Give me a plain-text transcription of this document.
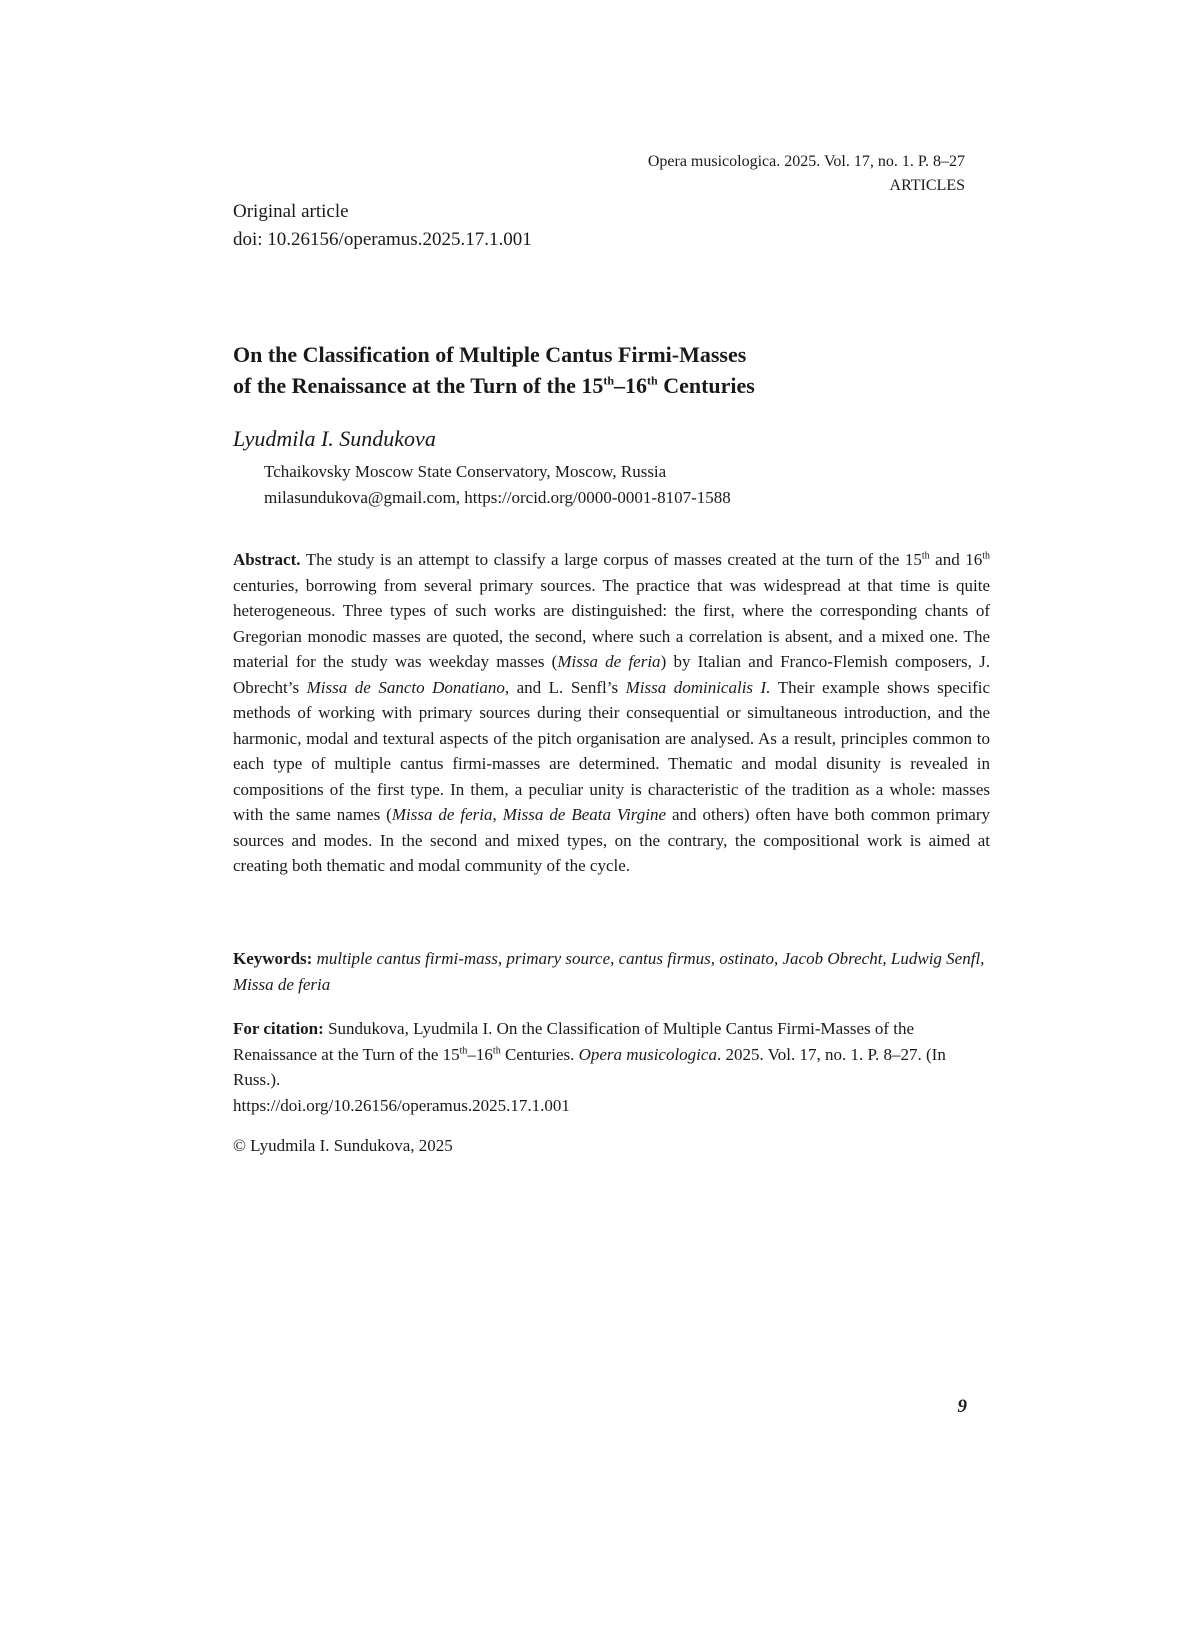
Opera musicologica. 2025. Vol. 17, no. 1. P. 8–27
ARTICLES
Original article
doi: 10.26156/operamus.2025.17.1.001
On the Classification of Multiple Cantus Firmi-Masses
of the Renaissance at the Turn of the 15th–16th Centuries
Lyudmila I. Sundukova
Tchaikovsky Moscow State Conservatory, Moscow, Russia
milasundukova@gmail.com, https://orcid.org/0000-0001-8107-1588

Abstract. The study is an attempt to classify a large corpus of masses created at the turn of the 15th and 16th centuries, borrowing from several primary sources. The practice that was widespread at that time is quite heterogeneous. Three types of such works are distinguished: the first, where the corresponding chants of Gregorian monodic masses are quoted, the second, where such a correlation is absent, and a mixed one. The material for the study was weekday masses (Missa de feria) by Italian and Franco-Flemish composers, J. Obrecht’s Missa de Sancto Donatiano, and L. Senfl’s Missa dominicalis I. Their example shows specific methods of working with primary sources during their consequential or simultaneous introduction, and the harmonic, modal and textural aspects of the pitch organisation are analysed. As a result, principles common to each type of multiple cantus firmi-masses are determined. Thematic and modal disunity is revealed in compositions of the first type. In them, a peculiar unity is characteristic of the tradition as a whole: masses with the same names (Missa de feria, Missa de Beata Virgine and others) often have both common primary sources and modes. In the second and mixed types, on the contrary, the compositional work is aimed at creating both thematic and modal community of the cycle.

Keywords: multiple cantus firmi-mass, primary source, cantus firmus, ostinato, Jacob Obrecht, Ludwig Senfl, Missa de feria

For citation: Sundukova, Lyudmila I. On the Classification of Multiple Cantus Firmi-Masses of the Renaissance at the Turn of the 15th–16th Centuries. Opera musicologica. 2025. Vol. 17, no. 1. P. 8–27. (In Russ.).
https://doi.org/10.26156/operamus.2025.17.1.001

© Lyudmila I. Sundukova, 2025
9
